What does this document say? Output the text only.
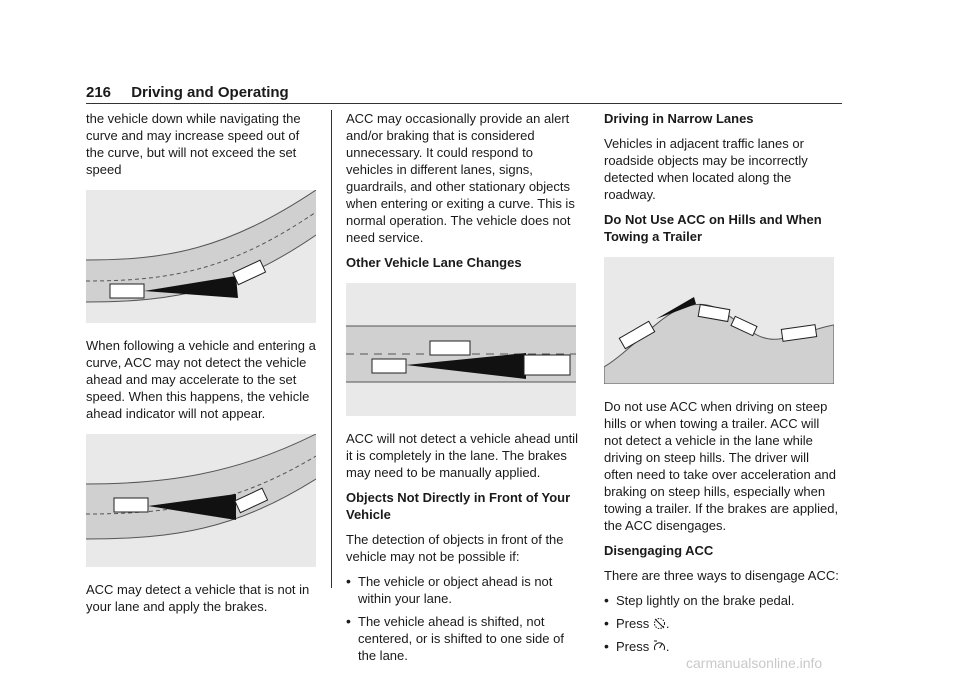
216 Driving and Operating

the vehicle down while navigating the curve and may increase speed out of the curve, but will not exceed the set speed

When following a vehicle and entering a curve, ACC may not detect the vehicle ahead and may accelerate to the set speed. When this happens, the vehicle ahead indicator will not appear.

ACC may detect a vehicle that is not in your lane and apply the brakes.

ACC may occasionally provide an alert and/or braking that is considered unnecessary. It could respond to vehicles in different lanes, signs, guardrails, and other stationary objects when entering or exiting a curve. This is normal operation. The vehicle does not need service.

Other Vehicle Lane Changes

ACC will not detect a vehicle ahead until it is completely in the lane. The brakes may need to be manually applied.

Objects Not Directly in Front of Your Vehicle

The detection of objects in front of the vehicle may not be possible if:

• The vehicle or object ahead is not within your lane.
• The vehicle ahead is shifted, not centered, or is shifted to one side of the lane.

Driving in Narrow Lanes

Vehicles in adjacent traffic lanes or roadside objects may be incorrectly detected when located along the roadway.

Do Not Use ACC on Hills and When Towing a Trailer

Do not use ACC when driving on steep hills or when towing a trailer. ACC will not detect a vehicle in the lane while driving on steep hills. The driver will often need to take over acceleration and braking on steep hills, especially when towing a trailer. If the brakes are applied, the ACC disengages.

Disengaging ACC

There are three ways to disengage ACC:

• Step lightly on the brake pedal.
• Press .
• Press .
carmanualsonline.info
